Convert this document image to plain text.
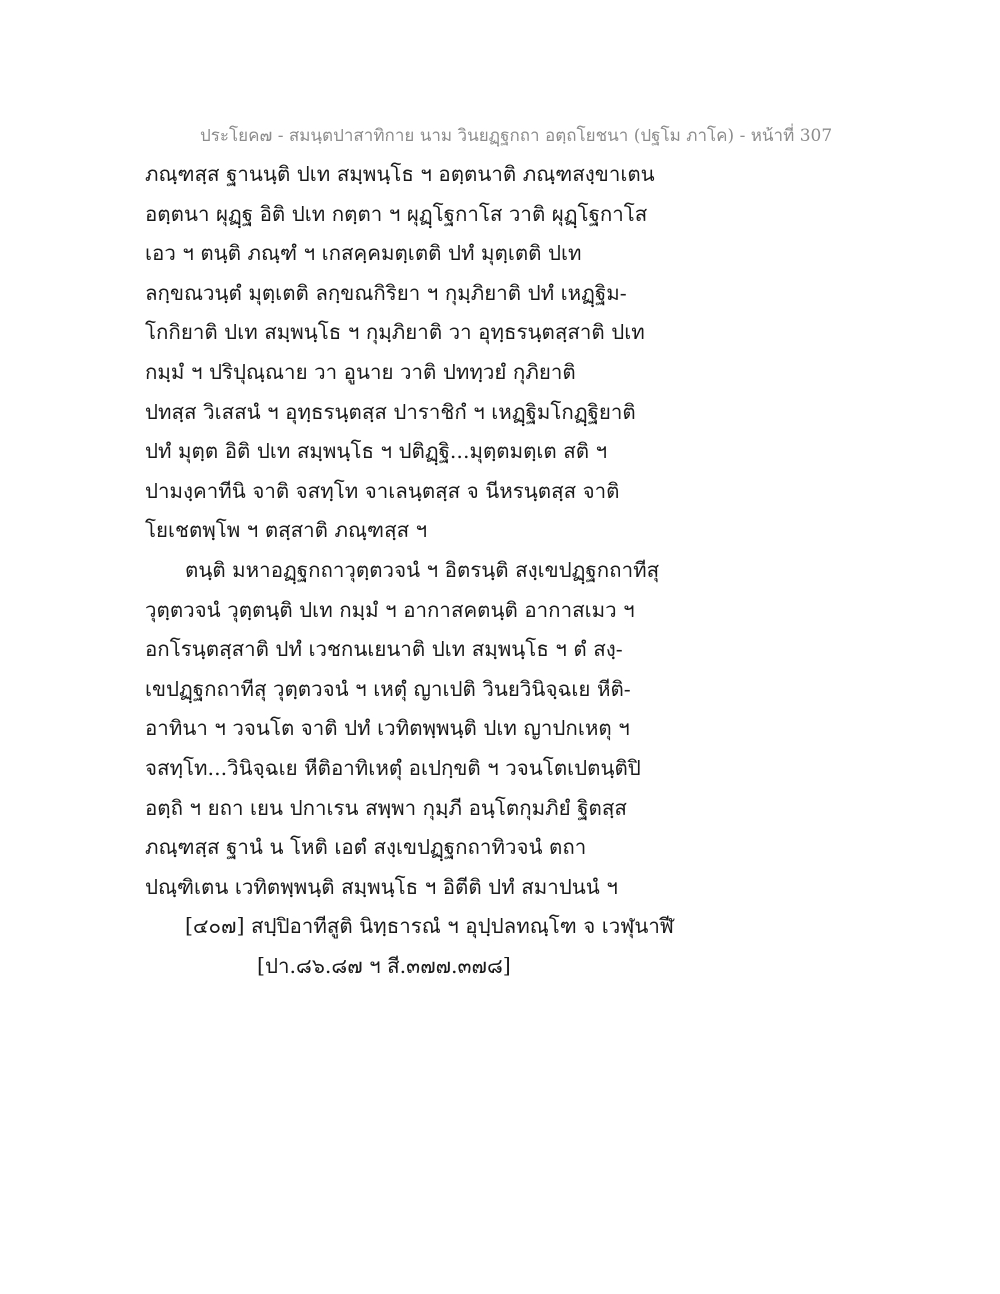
ประโยค๗ - สมนฺตปาสาทิกาย นาม วินยฏฺฐกถา อตฺถโยชนา (ปฐโม ภาโค) - หน้าที่ 307
ภณฺฑสฺส ฐานนฺติ ปเท สมฺพนฺโธ ฯ อตฺตนาติ ภณฺฑสงฺขาเตน
อตฺตนา ผุฏฺฐ อิติ ปเท กตฺตา ฯ ผุฏฺโฐกาโส วาติ ผุฏฺโฐกาโส
เอว ฯ ตนฺติ ภณฺฑํ ฯ เกสคฺคมตฺเตติ ปทํ มุตฺเตติ ปเท
ลกฺขณวนฺตํ มุตฺเตติ ลกฺขณกิริยา ฯ กุมฺภิยาติ ปทํ เหฏฺฐิม-
โกกิยาติ ปเท สมฺพนฺโธ ฯ กุมฺภิยาติ วา อุทฺธรนฺตสฺสาติ ปเท
กมฺมํ ฯ ปริปุณฺณาย วา อูนาย วาติ ปททฺวยํ กุภิยาติ
ปทสฺส วิเสสนํ ฯ อุทฺธรนฺตสฺส ปาราชิกํ ฯ เหฏฺฐิมโกฏฺฐิยาติ
ปทํ มุตฺต อิติ ปเท สมฺพนฺโธ ฯ ปติฏฺฐิ...มุตฺตมตฺเต สติ ฯ
ปามงฺคาทีนิ จาติ จสทฺโท จาเลนฺตสฺส จ นีหรนฺตสฺส จาติ
โยเชตพฺโพ ฯ ตสฺสาติ ภณฺฑสฺส ฯ
ตนฺติ มหาอฏฺฐกถาวุตฺตวจนํ ฯ อิตรนฺติ สงฺเขปฏฺฐกถาทีสุ
วุตฺตวจนํ วุตฺตนฺติ ปเท กมฺมํ ฯ อากาสคตนฺติ อากาสเมว ฯ
อกโรนฺตสฺสาติ ปทํ เวชกนเยนาติ ปเท สมฺพนฺโธ ฯ ตํ สงฺ-
เขปฏฺฐกถาทีสุ วุตฺตวจนํ ฯ เหตุํ ญาเปติ วินยวินิจฺฉเย หีติ-
อาทินา ฯ วจนโต จาติ ปทํ เวทิตพฺพนฺติ ปเท ญาปกเหตุ ฯ
จสทฺโท...วินิจฺฉเย หีติอาทิเหตุํ อเปกฺขติ ฯ วจนโตเปตนฺติปิ
อตฺถิ ฯ ยถา เยน ปกาเรน สพฺพา กุมฺภี อนฺโตกุมภิยํ ฐิตสฺส
ภณฺฑสฺส ฐานํ น โหติ เอตํ สงฺเขปฏฺฐกถาทิวจนํ ตถา
ปณฺฑิเตน เวทิตพฺพนฺติ สมฺพนฺโธ ฯ อิตีติ ปทํ สมาปนนํ ฯ
[๔๐๗] สปฺปิอาทีสูติ นิทฺธารณํ ฯ อุปฺปลทณฺโฑ จ เวฬุนาฬี
[ปา.๘๖.๘๗ ฯ สี.๓๗๗.๓๗๘]
